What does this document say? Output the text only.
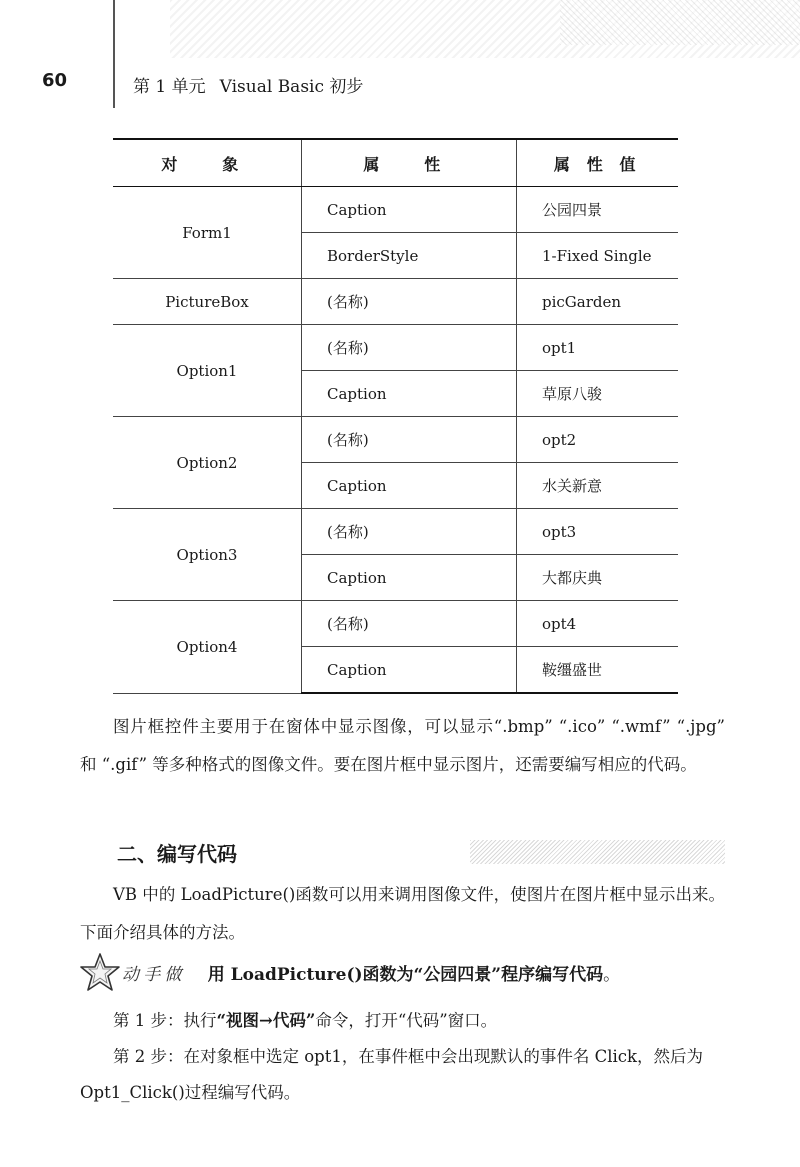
60	第 1 单元 Visual Basic 初步
对　象	属　性	属 性 值
Form1	Caption	公园四景
	BorderStyle	1-Fixed Single
PictureBox	(名称)	picGarden
Option1	(名称)	opt1
	Caption	草原八骏
Option2	(名称)	opt2
	Caption	水关新意
Option3	(名称)	opt3
	Caption	大都庆典
Option4	(名称)	opt4
	Caption	鞍缰盛世

图片框控件主要用于在窗体中显示图像，可以显示“.bmp” “.ico” “.wmf” “.jpg” 和 “.gif” 等多种格式的图像文件。要在图片框中显示图片，还需要编写相应的代码。

二、编写代码

VB 中的 LoadPicture()函数可以用来调用图像文件，使图片在图片框中显示出来。下面介绍具体的方法。

动手做 用 LoadPicture()函数为“公园四景”程序编写代码 。

第 1 步：执行“视图→代码”命令，打开“代码”窗口。

第 2 步：在对象框中选定 opt1，在事件框中会出现默认的事件名 Click，然后为 Opt1_Click()过程编写代码。
